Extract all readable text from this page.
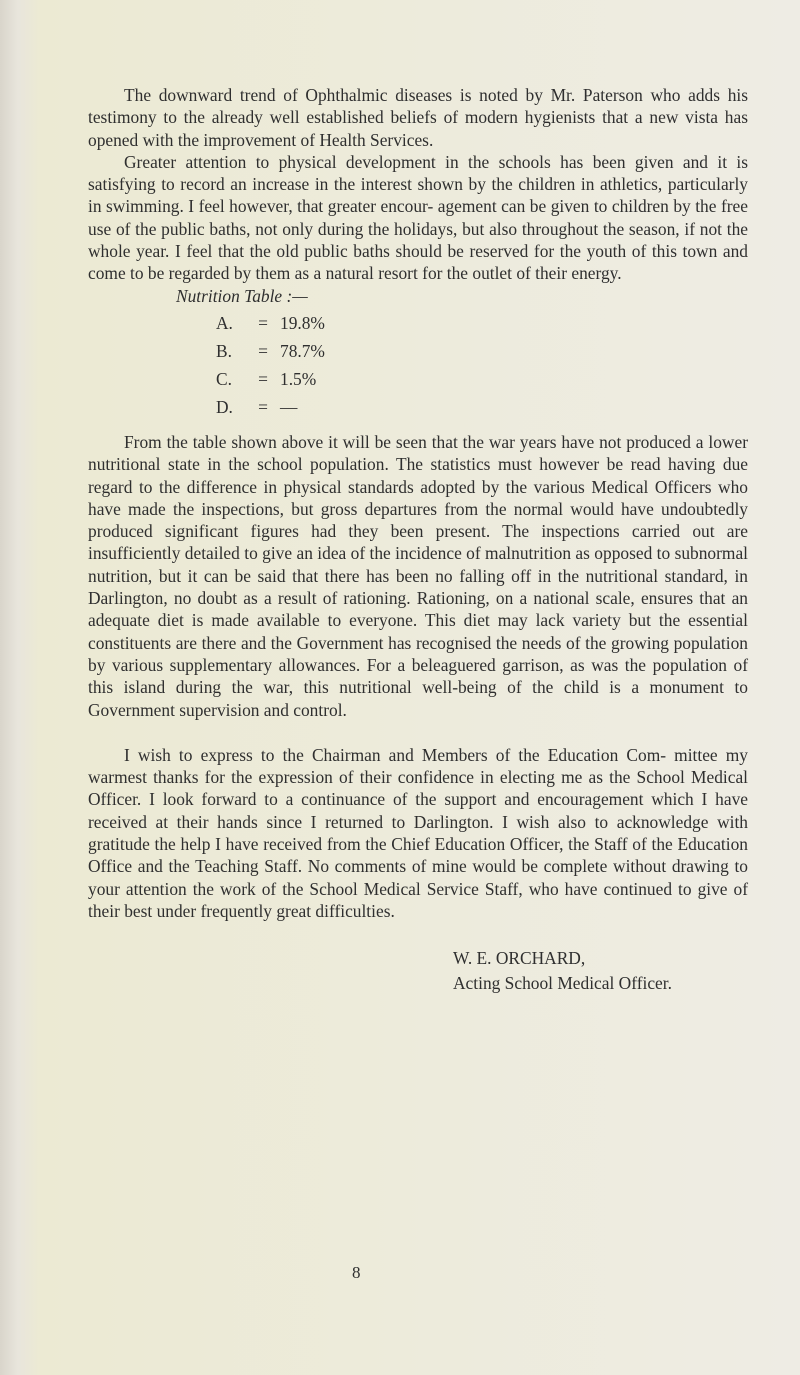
The downward trend of Ophthalmic diseases is noted by Mr. Paterson who adds his testimony to the already well established beliefs of modern hygienists that a new vista has opened with the improvement of Health Services.

Greater attention to physical development in the schools has been given and it is satisfying to record an increase in the interest shown by the children in athletics, particularly in swimming. I feel however, that greater encour- agement can be given to children by the free use of the public baths, not only during the holidays, but also throughout the season, if not the whole year. I feel that the old public baths should be reserved for the youth of this town and come to be regarded by them as a natural resort for the outlet of their energy.

Nutrition Table :—
A.	=	19.8%
B.	=	78.7%
C.	=	1.5%
D.	=	—

From the table shown above it will be seen that the war years have not produced a lower nutritional state in the school population. The statistics must however be read having due regard to the difference in physical standards adopted by the various Medical Officers who have made the inspections, but gross departures from the normal would have undoubtedly produced significant figures had they been present. The inspections carried out are insufficiently detailed to give an idea of the incidence of malnutrition as opposed to subnormal nutrition, but it can be said that there has been no falling off in the nutritional standard, in Darlington, no doubt as a result of rationing. Rationing, on a national scale, ensures that an adequate diet is made available to everyone. This diet may lack variety but the essential constituents are there and the Government has recognised the needs of the growing population by various supplementary allowances. For a beleaguered garrison, as was the population of this island during the war, this nutritional well-being of the child is a monument to Government supervision and control.

I wish to express to the Chairman and Members of the Education Com- mittee my warmest thanks for the expression of their confidence in electing me as the School Medical Officer. I look forward to a continuance of the support and encouragement which I have received at their hands since I returned to Darlington. I wish also to acknowledge with gratitude the help I have received from the Chief Education Officer, the Staff of the Education Office and the Teaching Staff. No comments of mine would be complete without drawing to your attention the work of the School Medical Service Staff, who have continued to give of their best under frequently great difficulties.

W. E. ORCHARD,
Acting School Medical Officer.
8
